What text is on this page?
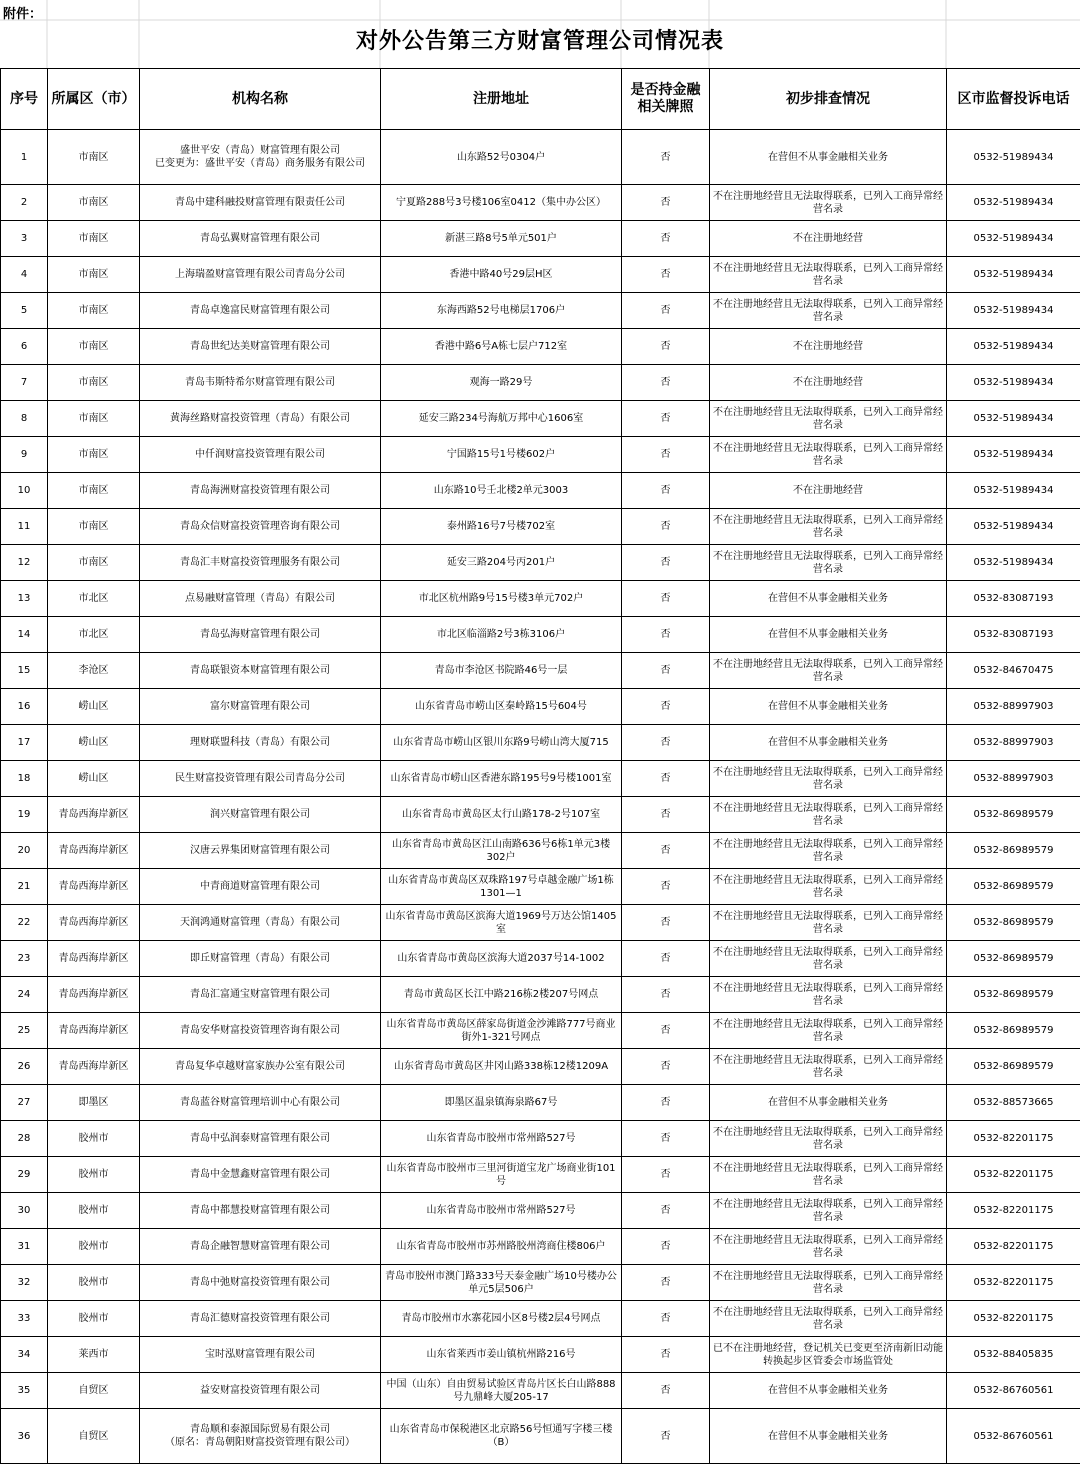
附件：
对外公告第三方财富管理公司情况表
序号	所属区（市）	机构名称	注册地址	是否持金融相关牌照	初步排查情况	区市监督投诉电话
1	市南区	盛世平安（青岛）财富管理有限公司
已变更为：盛世平安（青岛）商务服务有限公司	山东路52号0304户	否	在营但不从事金融相关业务	0532-51989434
2	市南区	青岛中建科融投财富管理有限责任公司	宁夏路288号3号楼106室0412（集中办公区）	否	不在注册地经营且无法取得联系，已列入工商异常经营名录	0532-51989434
3	市南区	青岛弘翼财富管理有限公司	新湛三路8号5单元501户	否	不在注册地经营	0532-51989434
4	市南区	上海瑞盈财富管理有限公司青岛分公司	香港中路40号29层H区	否	不在注册地经营且无法取得联系，已列入工商异常经营名录	0532-51989434
5	市南区	青岛卓逸富民财富管理有限公司	东海西路52号电梯层1706户	否	不在注册地经营且无法取得联系，已列入工商异常经营名录	0532-51989434
6	市南区	青岛世纪达美财富管理有限公司	香港中路6号A栋七层户712室	否	不在注册地经营	0532-51989434
7	市南区	青岛韦斯特希尔财富管理有限公司	观海一路29号	否	不在注册地经营	0532-51989434
8	市南区	黄海丝路财富投资管理（青岛）有限公司	延安三路234号海航万邦中心1606室	否	不在注册地经营且无法取得联系，已列入工商异常经营名录	0532-51989434
9	市南区	中仟润财富投资管理有限公司	宁国路15号1号楼602户	否	不在注册地经营且无法取得联系，已列入工商异常经营名录	0532-51989434
10	市南区	青岛海洲财富投资管理有限公司	山东路10号壬北楼2单元3003	否	不在注册地经营	0532-51989434
11	市南区	青岛众信财富投资管理咨询有限公司	泰州路16号7号楼702室	否	不在注册地经营且无法取得联系，已列入工商异常经营名录	0532-51989434
12	市南区	青岛汇丰财富投资管理服务有限公司	延安三路204号丙201户	否	不在注册地经营且无法取得联系，已列入工商异常经营名录	0532-51989434
13	市北区	点易融财富管理（青岛）有限公司	市北区杭州路9号15号楼3单元702户	否	在营但不从事金融相关业务	0532-83087193
14	市北区	青岛弘海财富管理有限公司	市北区临淄路2号3栋3106户	否	在营但不从事金融相关业务	0532-83087193
15	李沧区	青岛联银资本财富管理有限公司	青岛市李沧区书院路46号一层	否	不在注册地经营且无法取得联系，已列入工商异常经营名录	0532-84670475
16	崂山区	富尔财富管理有限公司	山东省青岛市崂山区秦岭路15号604号	否	在营但不从事金融相关业务	0532-88997903
17	崂山区	理财联盟科技（青岛）有限公司	山东省青岛市崂山区银川东路9号崂山湾大厦715	否	在营但不从事金融相关业务	0532-88997903
18	崂山区	民生财富投资管理有限公司青岛分公司	山东省青岛市崂山区香港东路195号9号楼1001室	否	不在注册地经营且无法取得联系，已列入工商异常经营名录	0532-88997903
19	青岛西海岸新区	润兴财富管理有限公司	山东省青岛市黄岛区太行山路178-2号107室	否	不在注册地经营且无法取得联系，已列入工商异常经营名录	0532-86989579
20	青岛西海岸新区	汉唐云界集团财富管理有限公司	山东省青岛市黄岛区江山南路636号6栋1单元3楼302户	否	不在注册地经营且无法取得联系，已列入工商异常经营名录	0532-86989579
21	青岛西海岸新区	中青商道财富管理有限公司	山东省青岛市黄岛区双珠路197号卓越金融广场1栋1301—1	否	不在注册地经营且无法取得联系，已列入工商异常经营名录	0532-86989579
22	青岛西海岸新区	天润鸿通财富管理（青岛）有限公司	山东省青岛市黄岛区滨海大道1969号万达公馆1405室	否	不在注册地经营且无法取得联系，已列入工商异常经营名录	0532-86989579
23	青岛西海岸新区	即丘财富管理（青岛）有限公司	山东省青岛市黄岛区滨海大道2037号14-1002	否	不在注册地经营且无法取得联系，已列入工商异常经营名录	0532-86989579
24	青岛西海岸新区	青岛汇富通宝财富管理有限公司	青岛市黄岛区长江中路216栋2楼207号网点	否	不在注册地经营且无法取得联系，已列入工商异常经营名录	0532-86989579
25	青岛西海岸新区	青岛安华财富投资管理咨询有限公司	山东省青岛市黄岛区薛家岛街道金沙滩路777号商业街外1-321号网点	否	不在注册地经营且无法取得联系，已列入工商异常经营名录	0532-86989579
26	青岛西海岸新区	青岛复华卓越财富家族办公室有限公司	山东省青岛市黄岛区井冈山路338栋12楼1209A	否	不在注册地经营且无法取得联系，已列入工商异常经营名录	0532-86989579
27	即墨区	青岛蓝谷财富管理培训中心有限公司	即墨区温泉镇海泉路67号	否	在营但不从事金融相关业务	0532-88573665
28	胶州市	青岛中弘润泰财富管理有限公司	山东省青岛市胶州市常州路527号	否	不在注册地经营且无法取得联系，已列入工商异常经营名录	0532-82201175
29	胶州市	青岛中金慧鑫财富管理有限公司	山东省青岛市胶州市三里河街道宝龙广场商业街101号	否	不在注册地经营且无法取得联系，已列入工商异常经营名录	0532-82201175
30	胶州市	青岛中都慧投财富管理有限公司	山东省青岛市胶州市常州路527号	否	不在注册地经营且无法取得联系，已列入工商异常经营名录	0532-82201175
31	胶州市	青岛企融智慧财富管理有限公司	山东省青岛市胶州市苏州路胶州湾商住楼806户	否	不在注册地经营且无法取得联系，已列入工商异常经营名录	0532-82201175
32	胶州市	青岛中弛财富投资管理有限公司	青岛市胶州市澳门路333号天泰金融广场10号楼办公单元5层506户	否	不在注册地经营且无法取得联系，已列入工商异常经营名录	0532-82201175
33	胶州市	青岛汇德财富投资管理有限公司	青岛市胶州市水寨花园小区8号楼2层4号网点	否	不在注册地经营且无法取得联系，已列入工商异常经营名录	0532-82201175
34	莱西市	宝时泓财富管理有限公司	山东省莱西市姜山镇杭州路216号	否	已不在注册地经营，登记机关已变更至济南新旧动能转换起步区管委会市场监管处	0532-88405835
35	自贸区	益安财富投资管理有限公司	中国（山东）自由贸易试验区青岛片区长白山路888号九鼎峰大厦205-17	否	在营但不从事金融相关业务	0532-86760561
36	自贸区	青岛顺和泰源国际贸易有限公司
（原名：青岛朝阳财富投资管理有限公司）	山东省青岛市保税港区北京路56号恒通写字楼三楼（B）	否	在营但不从事金融相关业务	0532-86760561
